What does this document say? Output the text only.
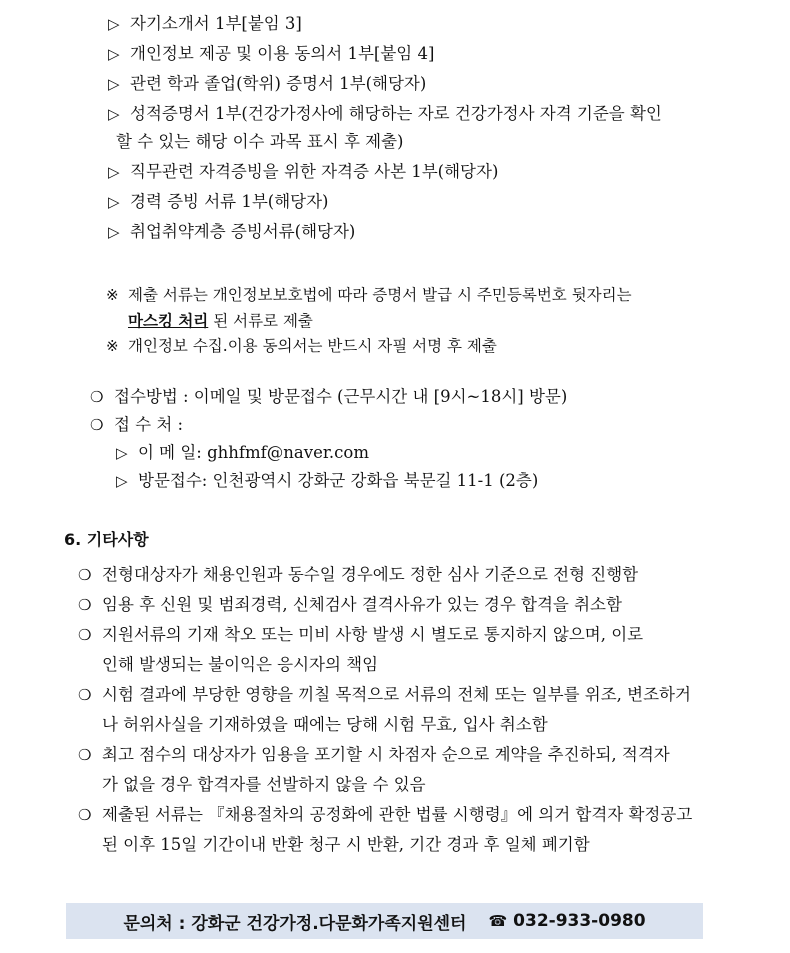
▷ 자기소개서 1부[붙임 3]
▷ 개인정보 제공 및 이용 동의서 1부[붙임 4]
▷ 관련 학과 졸업(학위) 증명서 1부(해당자)
▷ 성적증명서 1부(건강가정사에 해당하는 자로 건강가정사 자격 기준을 확인
할 수 있는 해당 이수 과목 표시 후 제출)
▷ 직무관련 자격증빙을 위한 자격증 사본 1부(해당자)
▷ 경력 증빙 서류 1부(해당자)
▷ 취업취약계층 증빙서류(해당자)
※ 제출 서류는 개인정보보호법에 따라 증명서 발급 시 주민등록번호 뒷자리는
마스킹 처리 된 서류로 제출
※ 개인정보 수집.이용 동의서는 반드시 자필 서명 후 제출
❍ 접수방법 : 이메일 및 방문접수 (근무시간 내 [9시~18시] 방문)
❍ 접 수 처 :
▷ 이 메 일: ghhfmf@naver.com
▷ 방문접수: 인천광역시 강화군 강화읍 북문길 11-1 (2층)
6. 기타사항
❍ 전형대상자가 채용인원과 동수일 경우에도 정한 심사 기준으로 전형 진행함
❍ 임용 후 신원 및 범죄경력, 신체검사 결격사유가 있는 경우 합격을 취소함
❍ 지원서류의 기재 착오 또는 미비 사항 발생 시 별도로 통지하지 않으며, 이로
인해 발생되는 불이익은 응시자의 책임
❍ 시험 결과에 부당한 영향을 끼칠 목적으로 서류의 전체 또는 일부를 위조, 변조하거
나 허위사실을 기재하였을 때에는 당해 시험 무효, 입사 취소함
❍ 최고 점수의 대상자가 임용을 포기할 시 차점자 순으로 계약을 추진하되, 적격자
가 없을 경우 합격자를 선발하지 않을 수 있음
❍ 제출된 서류는 『채용절차의 공정화에 관한 법률 시행령』에 의거 합격자 확정공고
된 이후 15일 기간이내 반환 청구 시 반환, 기간 경과 후 일체 폐기함
문의처 : 강화군 건강가정.다문화가족지원센터 ☎ 032-933-0980
